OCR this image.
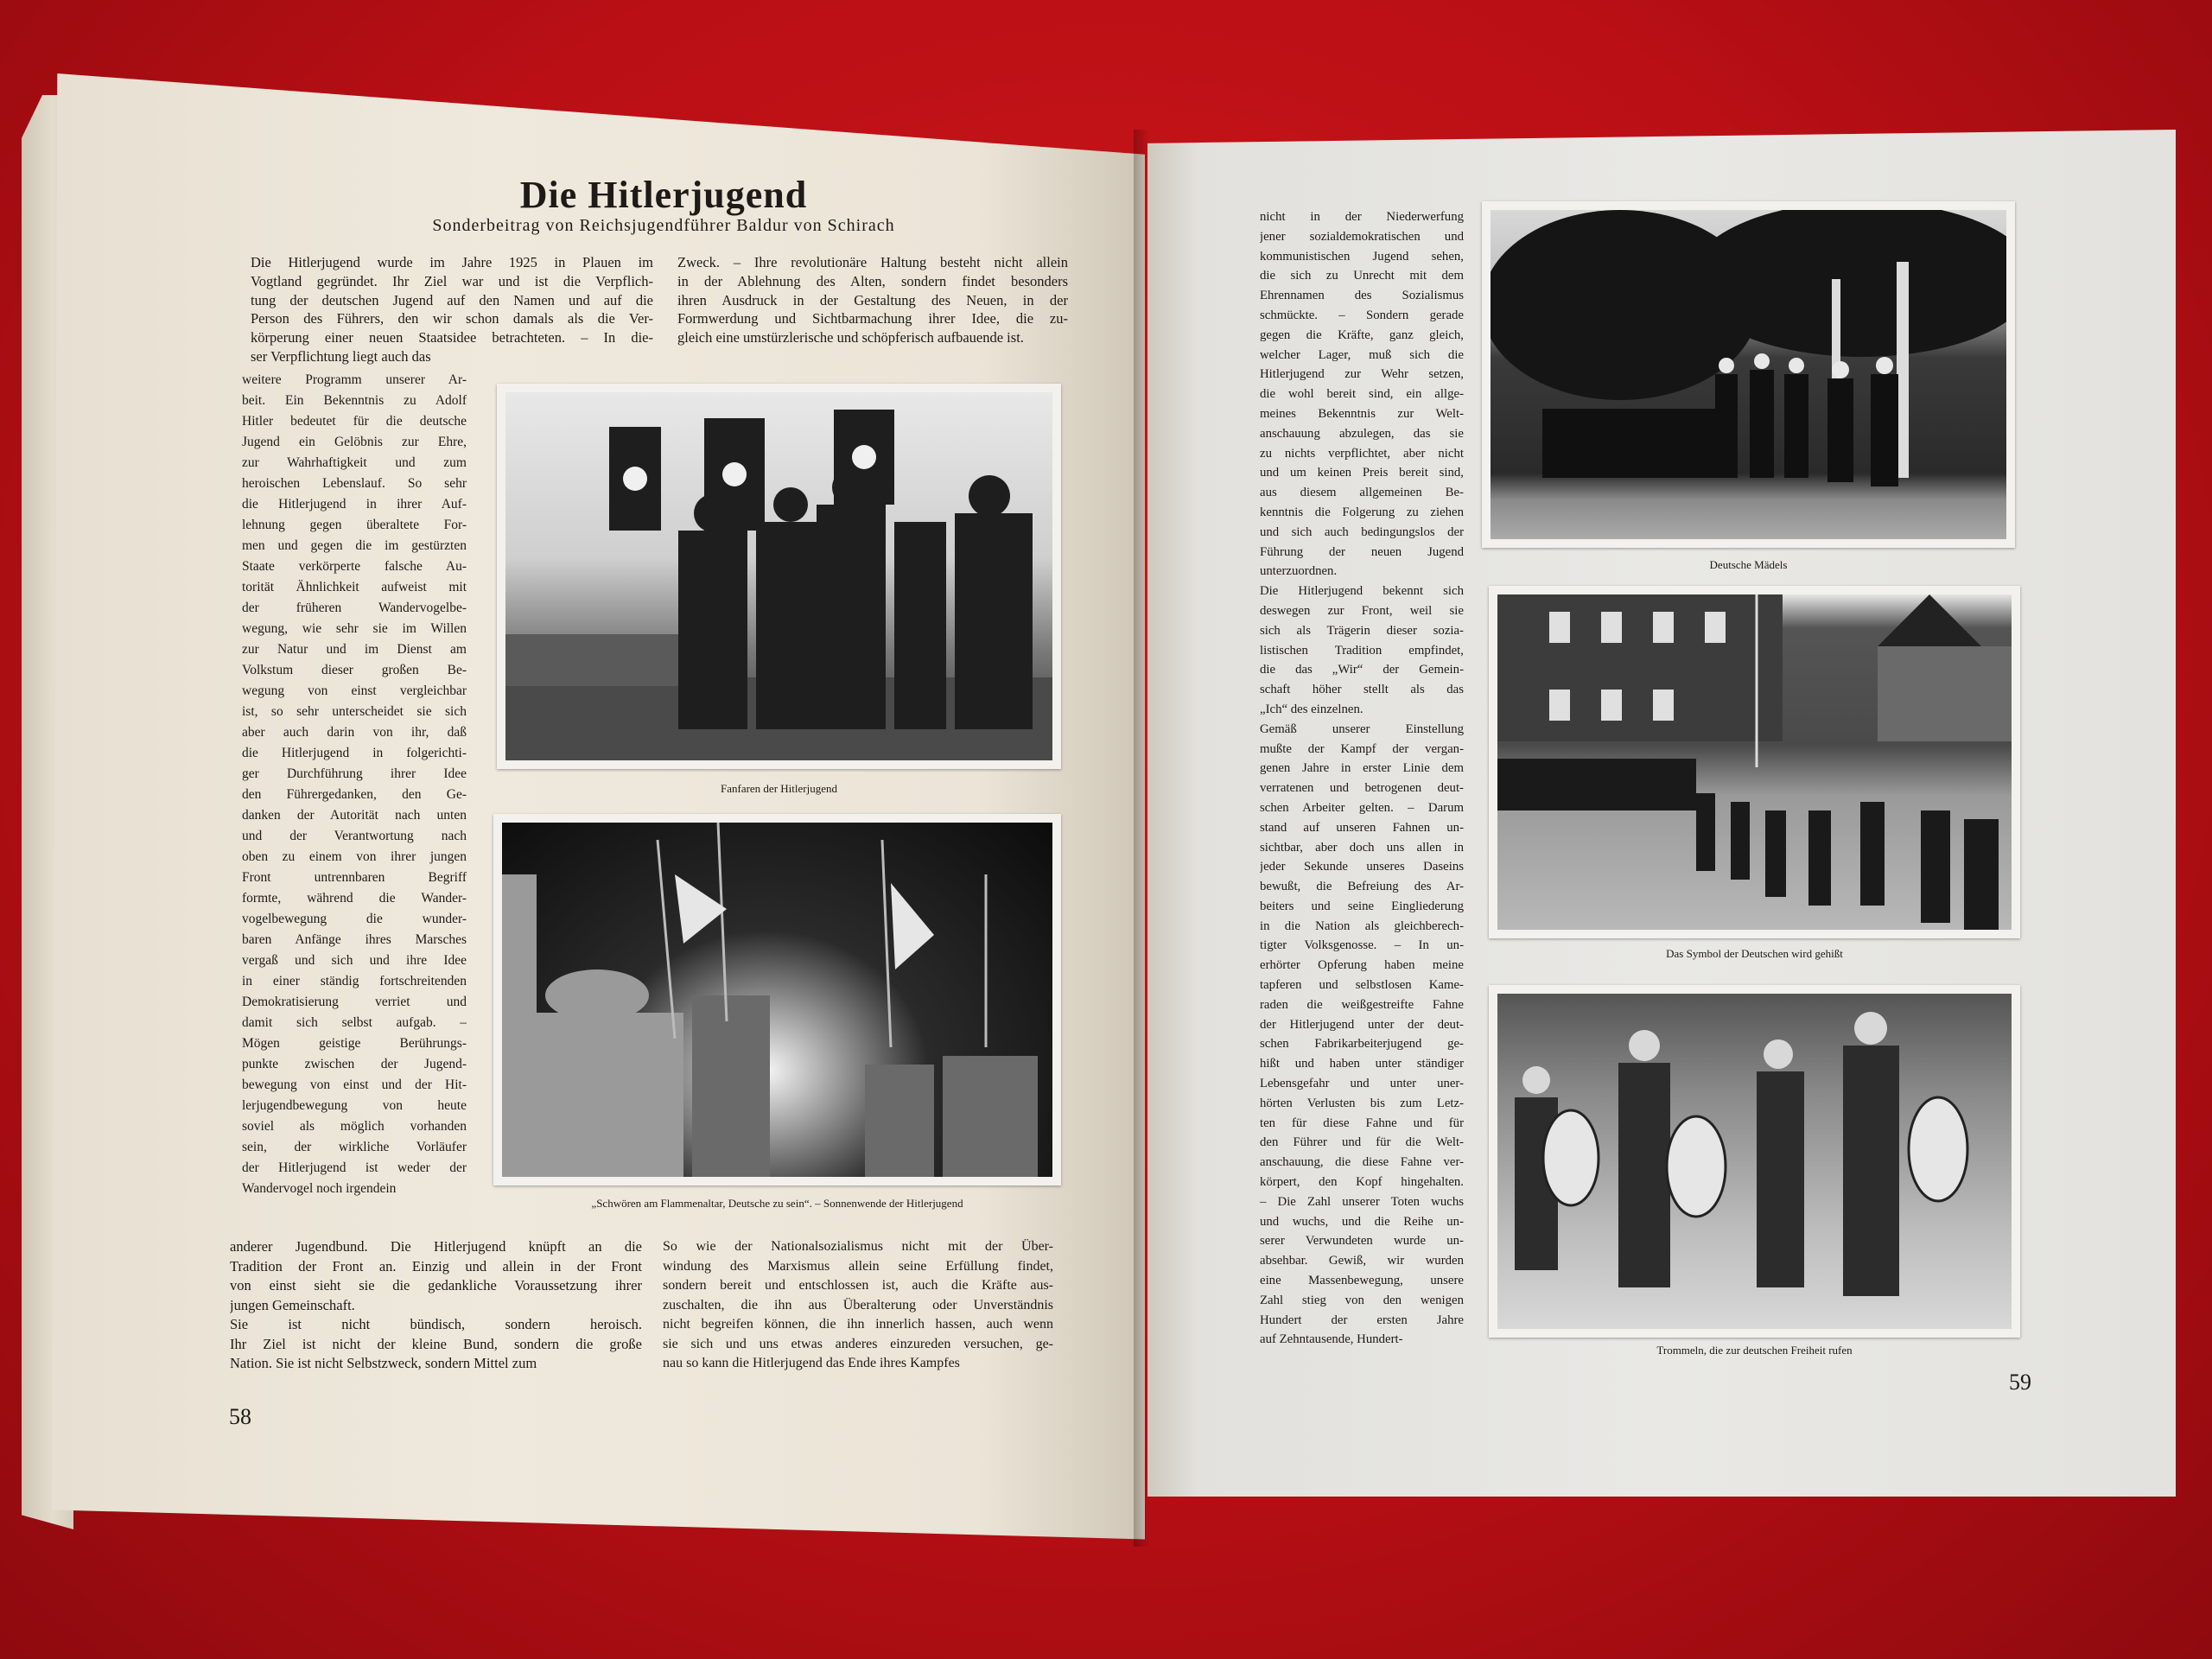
Die Hitlerjugend
Sonderbeitrag von Reichsjugendführer Baldur von Schirach
Die Hitlerjugend wurde im Jahre 1925 in Plauen im
Vogtland gegründet. Ihr Ziel war und ist die Verpflich-
tung der deutschen Jugend auf den Namen und auf die
Person des Führers, den wir schon damals als die Ver-
körperung einer neuen Staatsidee betrachteten. – In die-
ser Verpflichtung liegt auch das
Zweck. – Ihre revolutionäre Haltung besteht nicht allein
in der Ablehnung des Alten, sondern findet besonders
ihren Ausdruck in der Gestaltung des Neuen, in der
Formwerdung und Sichtbarmachung ihrer Idee, die zu-
gleich eine umstürzlerische und schöpferisch aufbauende ist.
weitere Programm unserer Ar-
beit. Ein Bekenntnis zu Adolf
Hitler bedeutet für die deutsche
Jugend ein Gelöbnis zur Ehre,
zur Wahrhaftigkeit und zum
heroischen Lebenslauf. So sehr
die Hitlerjugend in ihrer Auf-
lehnung gegen überaltete For-
men und gegen die im gestürzten
Staate verkörperte falsche Au-
torität Ähnlichkeit aufweist mit
der früheren Wandervogelbe-
wegung, wie sehr sie im Willen
zur Natur und im Dienst am
Volkstum dieser großen Be-
wegung von einst vergleichbar
ist, so sehr unterscheidet sie sich
aber auch darin von ihr, daß
die Hitlerjugend in folgerichti-
ger Durchführung ihrer Idee
den Führergedanken, den Ge-
danken der Autorität nach unten
und der Verantwortung nach
oben zu einem von ihrer jungen
Front untrennbaren Begriff
formte, während die Wander-
vogelbewegung die wunder-
baren Anfänge ihres Marsches
vergaß und sich und ihre Idee
in einer ständig fortschreitenden
Demokratisierung verriet und
damit sich selbst aufgab. –
Mögen geistige Berührungs-
punkte zwischen der Jugend-
bewegung von einst und der Hit-
lerjugendbewegung von heute
soviel als möglich vorhanden
sein, der wirkliche Vorläufer
der Hitlerjugend ist weder der
Wandervogel noch irgendein
anderer Jugendbund. Die Hitlerjugend knüpft an die
Tradition der Front an. Einzig und allein in der Front
von einst sieht sie die gedankliche Voraussetzung ihrer
jungen Gemeinschaft.
Sie ist nicht bündisch, sondern heroisch.
Ihr Ziel ist nicht der kleine Bund, sondern die große
Nation. Sie ist nicht Selbstzweck, sondern Mittel zum
So wie der Nationalsozialismus nicht mit der Über-
windung des Marxismus allein seine Erfüllung findet,
sondern bereit und entschlossen ist, auch die Kräfte aus-
zuschalten, die ihn aus Überalterung oder Unverständnis
nicht begreifen können, die ihn innerlich hassen, auch wenn
sie sich und uns etwas anderes einzureden versuchen, ge-
nau so kann die Hitlerjugend das Ende ihres Kampfes
Fanfaren der Hitlerjugend
„Schwören am Flammenaltar, Deutsche zu sein“. – Sonnenwende der Hitlerjugend
58
nicht in der Niederwerfung
jener sozialdemokratischen und
kommunistischen Jugend sehen,
die sich zu Unrecht mit dem
Ehrennamen des Sozialismus
schmückte. – Sondern gerade
gegen die Kräfte, ganz gleich,
welcher Lager, muß sich die
Hitlerjugend zur Wehr setzen,
die wohl bereit sind, ein allge-
meines Bekenntnis zur Welt-
anschauung abzulegen, das sie
zu nichts verpflichtet, aber nicht
und um keinen Preis bereit sind,
aus diesem allgemeinen Be-
kenntnis die Folgerung zu ziehen
und sich auch bedingungslos der
Führung der neuen Jugend
unterzuordnen.
Die Hitlerjugend bekennt sich
deswegen zur Front, weil sie
sich als Trägerin dieser sozia-
listischen Tradition empfindet,
die das „Wir“ der Gemein-
schaft höher stellt als das
„Ich“ des einzelnen.
Gemäß unserer Einstellung
mußte der Kampf der vergan-
genen Jahre in erster Linie dem
verratenen und betrogenen deut-
schen Arbeiter gelten. – Darum
stand auf unseren Fahnen un-
sichtbar, aber doch uns allen in
jeder Sekunde unseres Daseins
bewußt, die Befreiung des Ar-
beiters und seine Eingliederung
in die Nation als gleichberech-
tigter Volksgenosse. – In un-
erhörter Opferung haben meine
tapferen und selbstlosen Kame-
raden die weißgestreifte Fahne
der Hitlerjugend unter der deut-
schen Fabrikarbeiterjugend ge-
hißt und haben unter ständiger
Lebensgefahr und unter uner-
hörten Verlusten bis zum Letz-
ten für diese Fahne und für
den Führer und für die Welt-
anschauung, die diese Fahne ver-
körpert, den Kopf hingehalten.
– Die Zahl unserer Toten wuchs
und wuchs, und die Reihe un-
serer Verwundeten wurde un-
absehbar. Gewiß, wir wurden
eine Massenbewegung, unsere
Zahl stieg von den wenigen
Hundert der ersten Jahre
auf Zehntausende, Hundert-
Deutsche Mädels
Das Symbol der Deutschen wird gehißt
Trommeln, die zur deutschen Freiheit rufen
59
